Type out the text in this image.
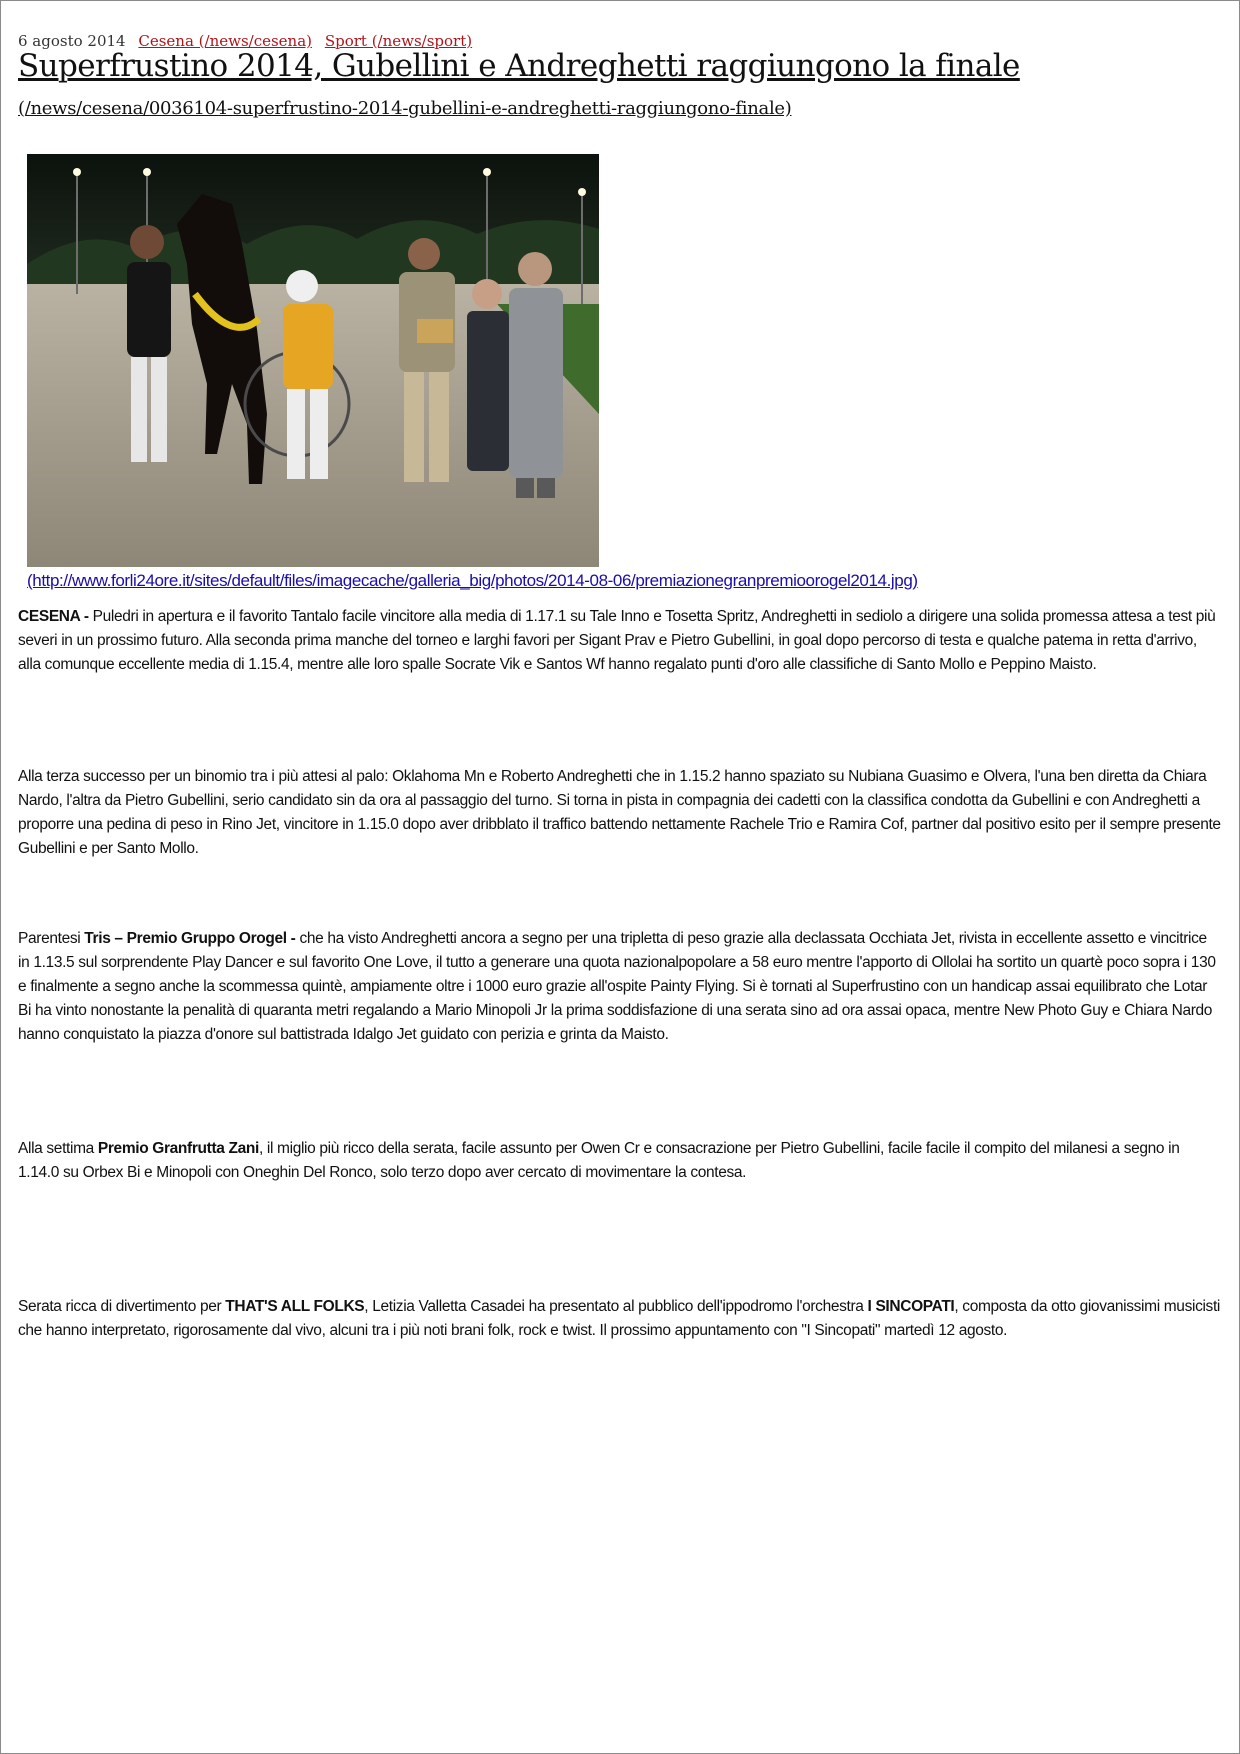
6 agosto 2014 Cesena (/news/cesena) Sport (/news/sport)
Superfrustino 2014, Gubellini e Andreghetti raggiungono la finale
(/news/cesena/0036104-superfrustino-2014-gubellini-e-andreghetti-raggiungono-finale)
(http://www.forli24ore.it/sites/default/files/imagecache/galleria_big/photos/2014-08-06/premiazionegranpremioorogel2014.jpg)

CESENA - Puledri in apertura e il favorito Tantalo facile vincitore alla media di 1.17.1 su Tale Inno e Tosetta Spritz, Andreghetti in sediolo a dirigere una solida promessa attesa a test più severi in un prossimo futuro. Alla seconda prima manche del torneo e larghi favori per Sigant Prav e Pietro Gubellini, in goal dopo percorso di testa e qualche patema in retta d'arrivo, alla comunque eccellente media di 1.15.4, mentre alle loro spalle Socrate Vik e Santos Wf hanno regalato punti d'oro alle classifiche di Santo Mollo e Peppino Maisto.

Alla terza successo per un binomio tra i più attesi al palo: Oklahoma Mn e Roberto Andreghetti che in 1.15.2 hanno spaziato su Nubiana Guasimo e Olvera, l'una ben diretta da Chiara Nardo, l'altra da Pietro Gubellini, serio candidato sin da ora al passaggio del turno. Si torna in pista in compagnia dei cadetti con la classifica condotta da Gubellini e con Andreghetti a proporre una pedina di peso in Rino Jet, vincitore in 1.15.0 dopo aver dribblato il traffico battendo nettamente Rachele Trio e Ramira Cof, partner dal positivo esito per il sempre presente Gubellini e per Santo Mollo.

Parentesi Tris – Premio Gruppo Orogel - che ha visto Andreghetti ancora a segno per una tripletta di peso grazie alla declassata Occhiata Jet, rivista in eccellente assetto e vincitrice in 1.13.5 sul sorprendente Play Dancer e sul favorito One Love, il tutto a generare una quota nazionalpopolare a 58 euro mentre l'apporto di Ollolai ha sortito un quartè poco sopra i 130 e finalmente a segno anche la scommessa quintè, ampiamente oltre i 1000 euro grazie all'ospite Painty Flying. Si è tornati al Superfrustino con un handicap assai equilibrato che Lotar Bi ha vinto nonostante la penalità di quaranta metri regalando a Mario Minopoli Jr la prima soddisfazione di una serata sino ad ora assai opaca, mentre New Photo Guy e Chiara Nardo hanno conquistato la piazza d'onore sul battistrada Idalgo Jet guidato con perizia e grinta da Maisto.

Alla settima Premio Granfrutta Zani, il miglio più ricco della serata, facile assunto per Owen Cr e consacrazione per Pietro Gubellini, facile facile il compito del milanesi a segno in 1.14.0 su Orbex Bi e Minopoli con Oneghin Del Ronco, solo terzo dopo aver cercato di movimentare la contesa.

Serata ricca di divertimento per THAT'S ALL FOLKS, Letizia Valletta Casadei ha presentato al pubblico dell'ippodromo l'orchestra I SINCOPATI, composta da otto giovanissimi musicisti che hanno interpretato, rigorosamente dal vivo, alcuni tra i più noti brani folk, rock e twist. Il prossimo appuntamento con "I Sincopati" martedì 12 agosto.
